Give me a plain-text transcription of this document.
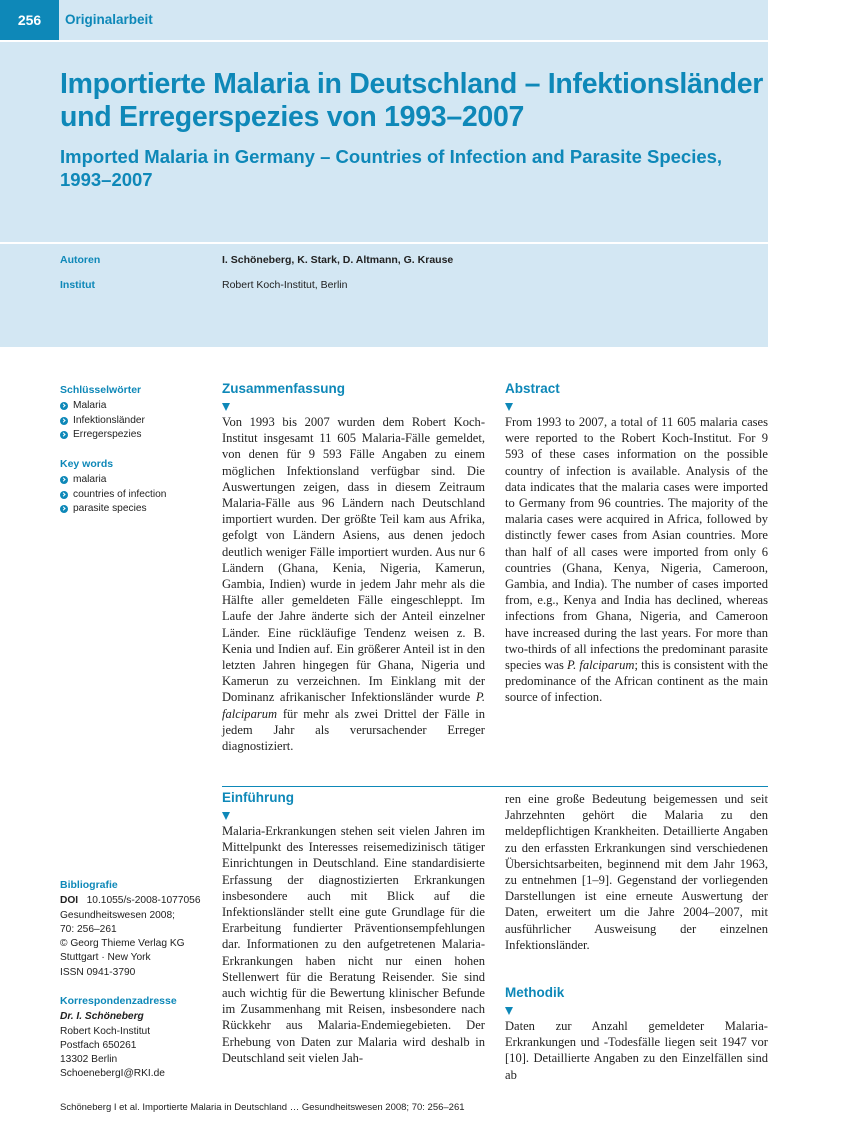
256	Originalarbeit
Importierte Malaria in Deutschland – Infektionsländer und Erregerspezies von 1993–2007
Imported Malaria in Germany – Countries of Infection and Parasite Species, 1993–2007
Autoren	I. Schöneberg, K. Stark, D. Altmann, G. Krause
Institut	Robert Koch-Institut, Berlin
Schlüsselwörter
Malaria
Infektionsländer
Erregerspezies
Key words
malaria
countries of infection
parasite species
Bibliografie
DOI 10.1055/s-2008-1077056
Gesundheitswesen 2008;
70: 256–261
© Georg Thieme Verlag KG
Stuttgart · New York
ISSN 0941-3790
Korrespondenzadresse
Dr. I. Schöneberg
Robert Koch-Institut
Postfach 650261
13302 Berlin
SchoenebergI@RKI.de
Zusammenfassung
Von 1993 bis 2007 wurden dem Robert Koch-Institut insgesamt 11 605 Malaria-Fälle gemeldet, von denen für 9 593 Fälle Angaben zu einem möglichen Infektionsland verfügbar sind. Die Auswertungen zeigen, dass in diesem Zeitraum Malaria-Fälle aus 96 Ländern nach Deutschland importiert wurden. Der größte Teil kam aus Afrika, gefolgt von Ländern Asiens, aus denen jedoch deutlich weniger Fälle importiert wurden. Aus nur 6 Ländern (Ghana, Kenia, Nigeria, Kamerun, Gambia, Indien) wurde in jedem Jahr mehr als die Hälfte aller gemeldeten Fälle eingeschleppt. Im Laufe der Jahre änderte sich der Anteil einzelner Länder. Eine rückläufige Tendenz weisen z. B. Kenia und Indien auf. Ein größerer Anteil ist in den letzten Jahren hingegen für Ghana, Nigeria und Kamerun zu verzeichnen. Im Einklang mit der Dominanz afrikanischer Infektionsländer wurde P. falciparum für mehr als zwei Drittel der Fälle in jedem Jahr als verursachender Erreger diagnostiziert.
Abstract
From 1993 to 2007, a total of 11 605 malaria cases were reported to the Robert Koch-Institut. For 9 593 of these cases information on the possible country of infection is available. Analysis of the data indicates that the malaria cases were imported to Germany from 96 countries. The majority of the malaria cases were acquired in Africa, followed by distinctly fewer cases from Asian countries. More than half of all cases were imported from only 6 countries (Ghana, Kenya, Nigeria, Cameroon, Gambia, and India). The number of cases imported from, e.g., Kenya and India has declined, whereas infections from Ghana, Nigeria, and Cameroon have increased during the last years. For more than two-thirds of all infections the predominant parasite species was P. falciparum; this is consistent with the predominance of the African continent as the main source of infection.
Einführung
Malaria-Erkrankungen stehen seit vielen Jahren im Mittelpunkt des Interesses reisemedizinisch tätiger Einrichtungen in Deutschland. Eine standardisierte Erfassung der diagnostizierten Erkrankungen insbesondere auch mit Blick auf die Infektionsländer stellt eine gute Grundlage für die Erarbeitung fundierter Präventionsempfehlungen dar. Informationen zu den aufgetretenen Malaria-Erkrankungen haben nicht nur einen hohen Stellenwert für die Beratung Reisender. Sie sind auch wichtig für die Bewertung klinischer Befunde im Zusammenhang mit Reisen, insbesondere nach Rückkehr aus Malaria-Endemiegebieten. Der Erhebung von Daten zur Malaria wird deshalb in Deutschland seit vielen Jah-
ren eine große Bedeutung beigemessen und seit Jahrzehnten gehört die Malaria zu den meldepflichtigen Krankheiten. Detaillierte Angaben zu den erfassten Erkrankungen sind verschiedenen Übersichtsarbeiten, beginnend mit dem Jahr 1963, zu entnehmen [1–9]. Gegenstand der vorliegenden Darstellungen ist eine erneute Auswertung der Daten, erweitert um die Jahre 2004–2007, mit ausführlicher Ausweisung der einzelnen Infektionsländer.
Methodik
Daten zur Anzahl gemeldeter Malaria-Erkrankungen und -Todesfälle liegen seit 1947 vor [10]. Detaillierte Angaben zu den Einzelfällen sind ab
Schöneberg I et al. Importierte Malaria in Deutschland … Gesundheitswesen 2008; 70: 256–261
